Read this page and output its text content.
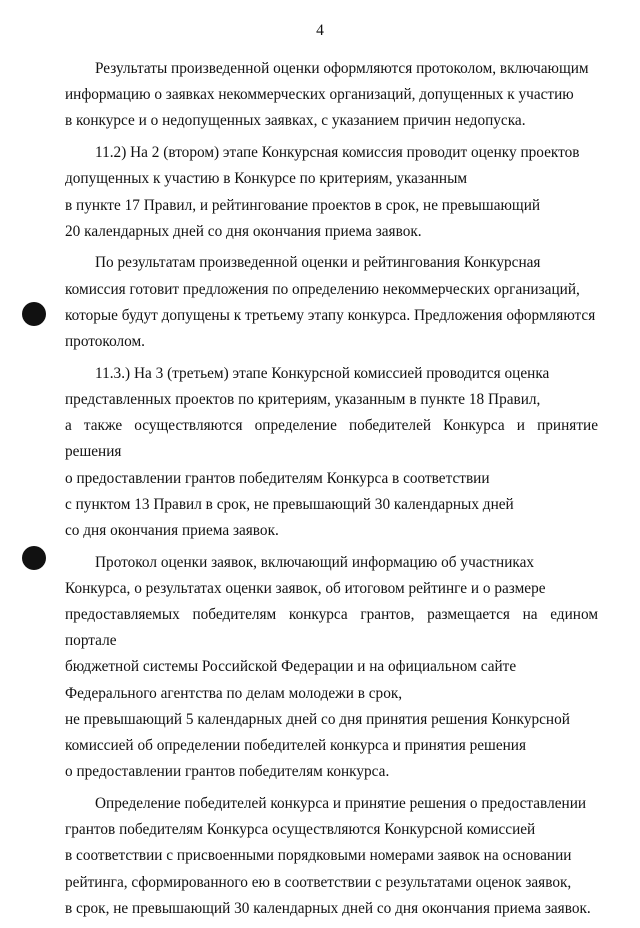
4

Результаты произведенной оценки оформляются протоколом, включающим
информацию о заявках некоммерческих организаций, допущенных к участию
в конкурсе и о недопущенных заявках, с указанием причин недопуска.

11.2) На 2 (втором) этапе Конкурсная комиссия проводит оценку проектов
допущенных к участию в Конкурсе по критериям, указанным
в пункте 17 Правил, и рейтингование проектов в срок, не превышающий
20 календарных дней со дня окончания приема заявок.

По результатам произведенной оценки и рейтингования Конкурсная
комиссия готовит предложения по определению некоммерческих организаций,
которые будут допущены к третьему этапу конкурса. Предложения оформляются
протоколом.

11.3.) На 3 (третьем) этапе Конкурсной комиссией проводится оценка
представленных проектов по критериям, указанным в пункте 18 Правил,
а также осуществляются определение победителей Конкурса и принятие решения
о предоставлении грантов победителям Конкурса в соответствии
с пунктом 13 Правил в срок, не превышающий 30 календарных дней
со дня окончания приема заявок.

Протокол оценки заявок, включающий информацию об участниках
Конкурса, о результатах оценки заявок, об итоговом рейтинге и о размере
предоставляемых победителям конкурса грантов, размещается на едином портале
бюджетной системы Российской Федерации и на официальном сайте
Федерального агентства по делам молодежи в срок,
не превышающий 5 календарных дней со дня принятия решения Конкурсной
комиссией об определении победителей конкурса и принятия решения
о предоставлении грантов победителям конкурса.

Определение победителей конкурса и принятие решения о предоставлении
грантов победителям Конкурса осуществляются Конкурсной комиссией
в соответствии с присвоенными порядковыми номерами заявок на основании
рейтинга, сформированного ею в соответствии с результатами оценок заявок,
в срок, не превышающий 30 календарных дней со дня окончания приема заявок.
